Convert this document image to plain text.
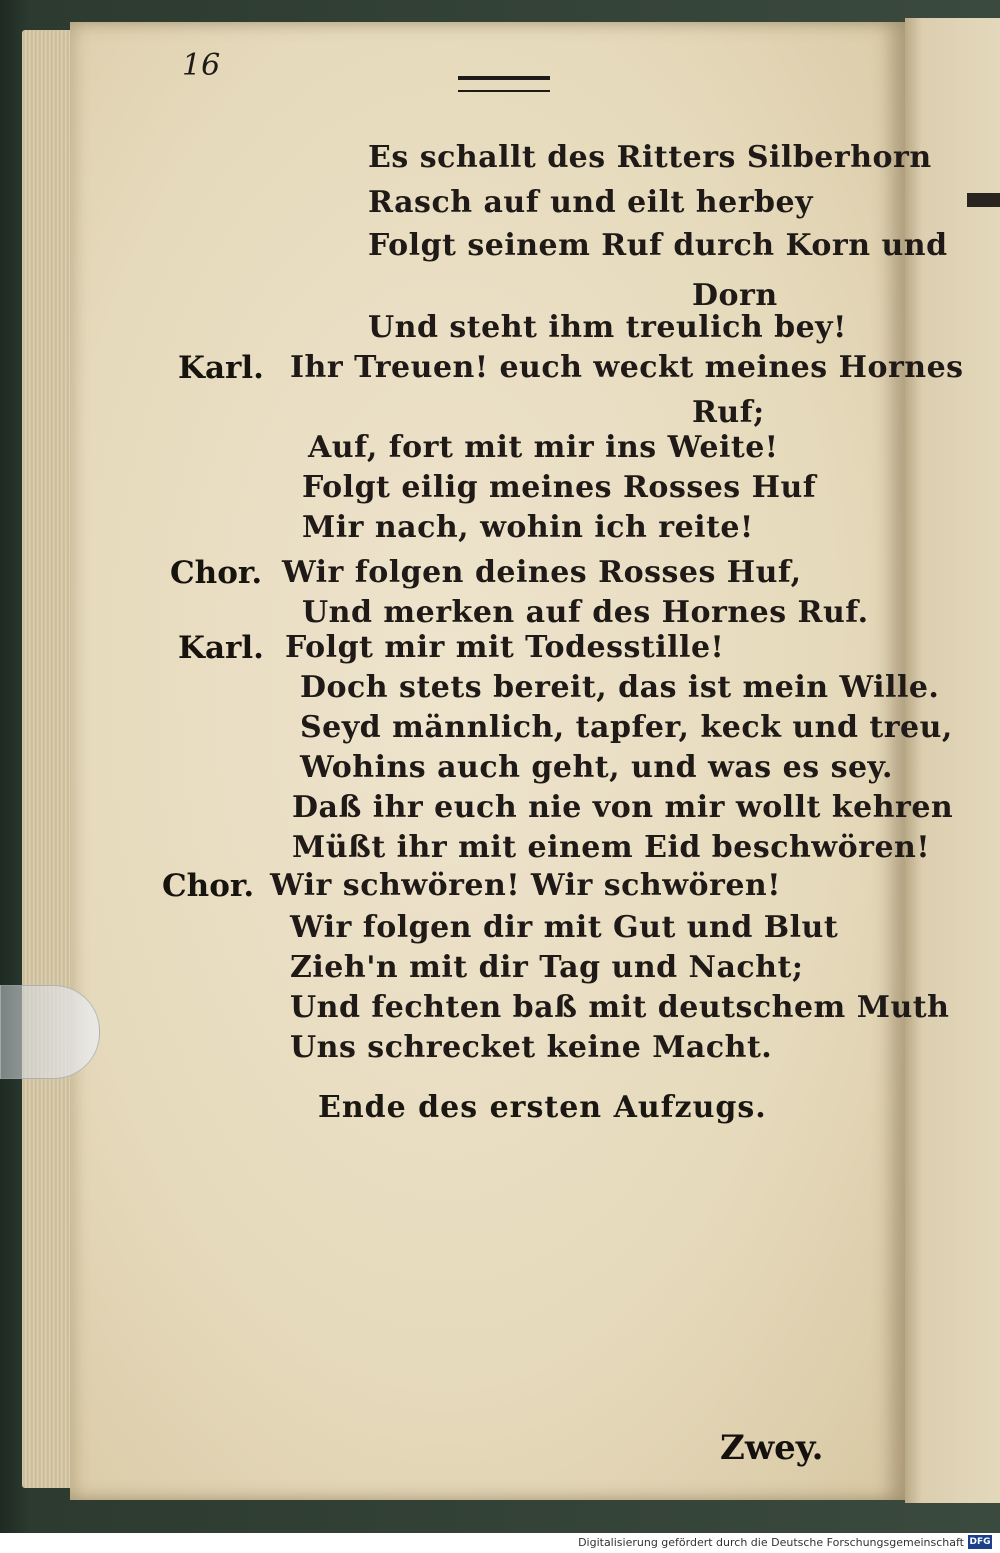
16
Es schallt des Ritters Silberhorn
Rasch auf und eilt herbey
Folgt seinem Ruf durch Korn und
Dorn
Und steht ihm treulich bey!
Karl. Ihr Treuen! euch weckt meines Hornes
Ruf;
Auf, fort mit mir ins Weite!
Folgt eilig meines Rosses Huf
Mir nach, wohin ich reite!
Chor. Wir folgen deines Rosses Huf,
Und merken auf des Hornes Ruf.
Karl. Folgt mir mit Todesstille!
Doch stets bereit, das ist mein Wille.
Seyd männlich, tapfer, keck und treu,
Wohins auch geht, und was es sey.
Daß ihr euch nie von mir wollt kehren
Müßt ihr mit einem Eid beschwören!
Chor. Wir schwören! Wir schwören!
Wir folgen dir mit Gut und Blut
Zieh'n mit dir Tag und Nacht;
Und fechten baß mit deutschem Muth
Uns schrecket keine Macht.
Ende des ersten Aufzugs.
Zwey.
Digitalisierung gefördert durch die Deutsche Forschungsgemeinschaft DFG
